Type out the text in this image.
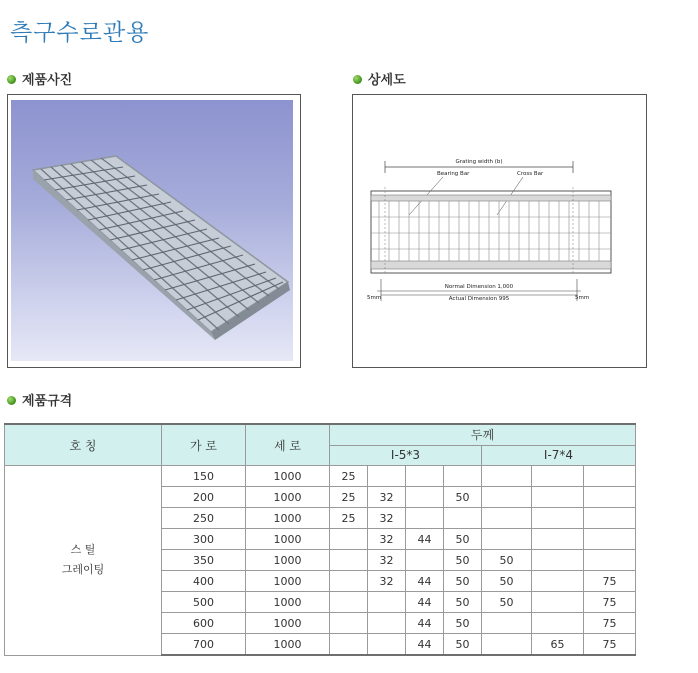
측구수로관용
제품사진	상세도
Grating width (b)
Bearing Bar	Cross Bar
Normal Dimension 1,000
Actual Dimension 995
5mm	5mm
제품규격
호 칭	가 로	세 로	두께						
			I-5*3				I-7*4		

스 틸
그레이팅	150	1000	25						
	200	1000	25	32		50			
	250	1000	25	32					
	300	1000		32	44	50			
	350	1000		32		50	50		
	400	1000		32	44	50	50		75
	500	1000			44	50	50		75
	600	1000			44	50			75
	700	1000			44	50		65	75
